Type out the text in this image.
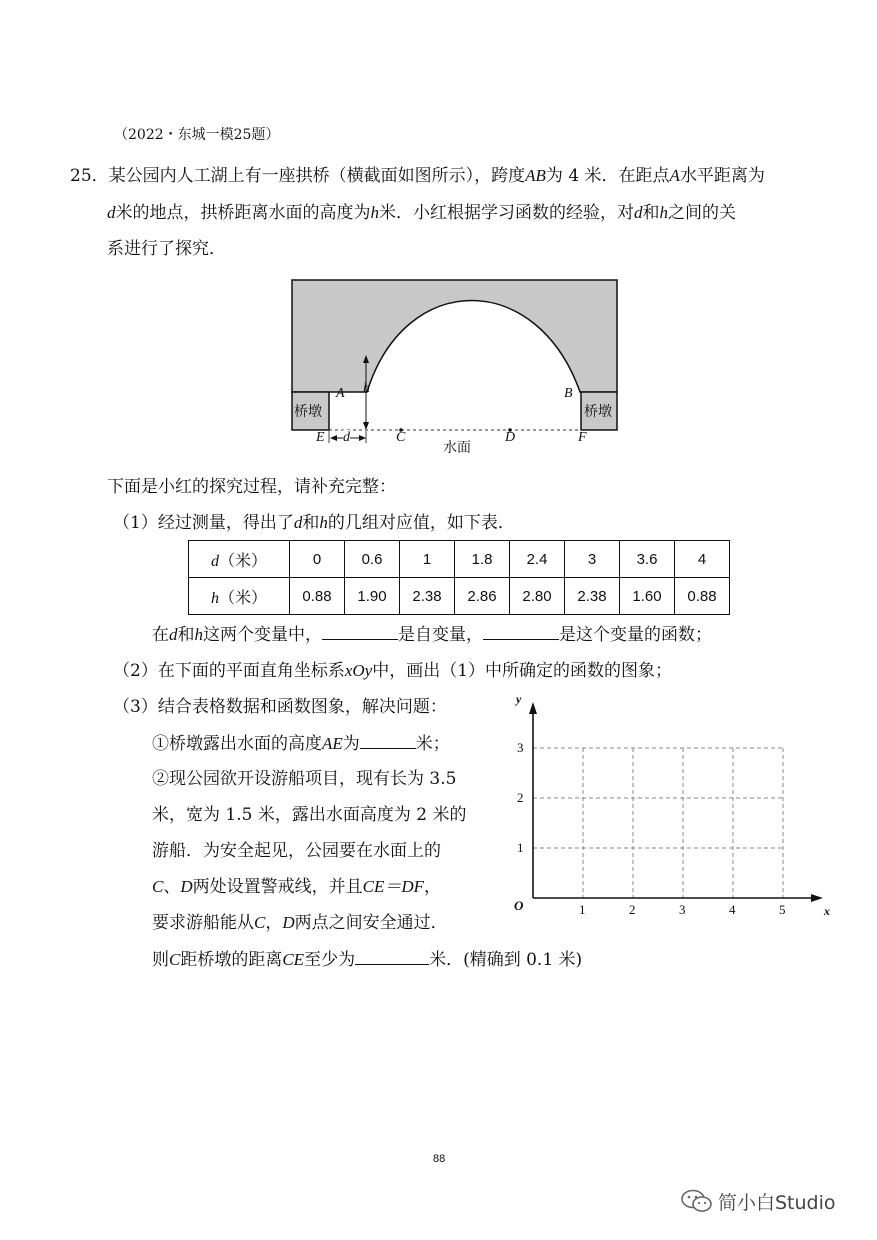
（2022・东城一模25题）
25．某公园内人工湖上有一座拱桥（横截面如图所示），跨度AB为 4 米．在距点A水平距离为
d米的地点，拱桥距离水面的高度为h米．小红根据学习函数的经验，对d和h之间的关
系进行了探究．
桥墩	桥墩
A	B
h
E d	C	D	F
水面
下面是小红的探究过程，请补充完整：
（1）经过测量，得出了d和h的几组对应值，如下表．
d（米）	0	0.6	1	1.8	2.4	3	3.6	4
h（米）	0.88	1.90	2.38	2.86	2.80	2.38	1.60	0.88
在d和h这两个变量中，	是自变量，	是这个变量的函数；
（2）在下面的平面直角坐标系xOy中，画出（1）中所确定的函数的图象；
（3）结合表格数据和函数图象，解决问题：
①桥墩露出水面的高度AE为	米；
②现公园欲开设游船项目，现有长为 3.5
米，宽为 1.5 米，露出水面高度为 2 米的
游船．为安全起见，公园要在水面上的
C、D两处设置警戒线，并且CE＝DF，
要求游船能从C，D两点之间安全通过．
则C距桥墩的距离CE至少为	米．(精确到 0.1 米)
x
y
O	1	2	3	4	5
1
2
3
88
简小白Studio
